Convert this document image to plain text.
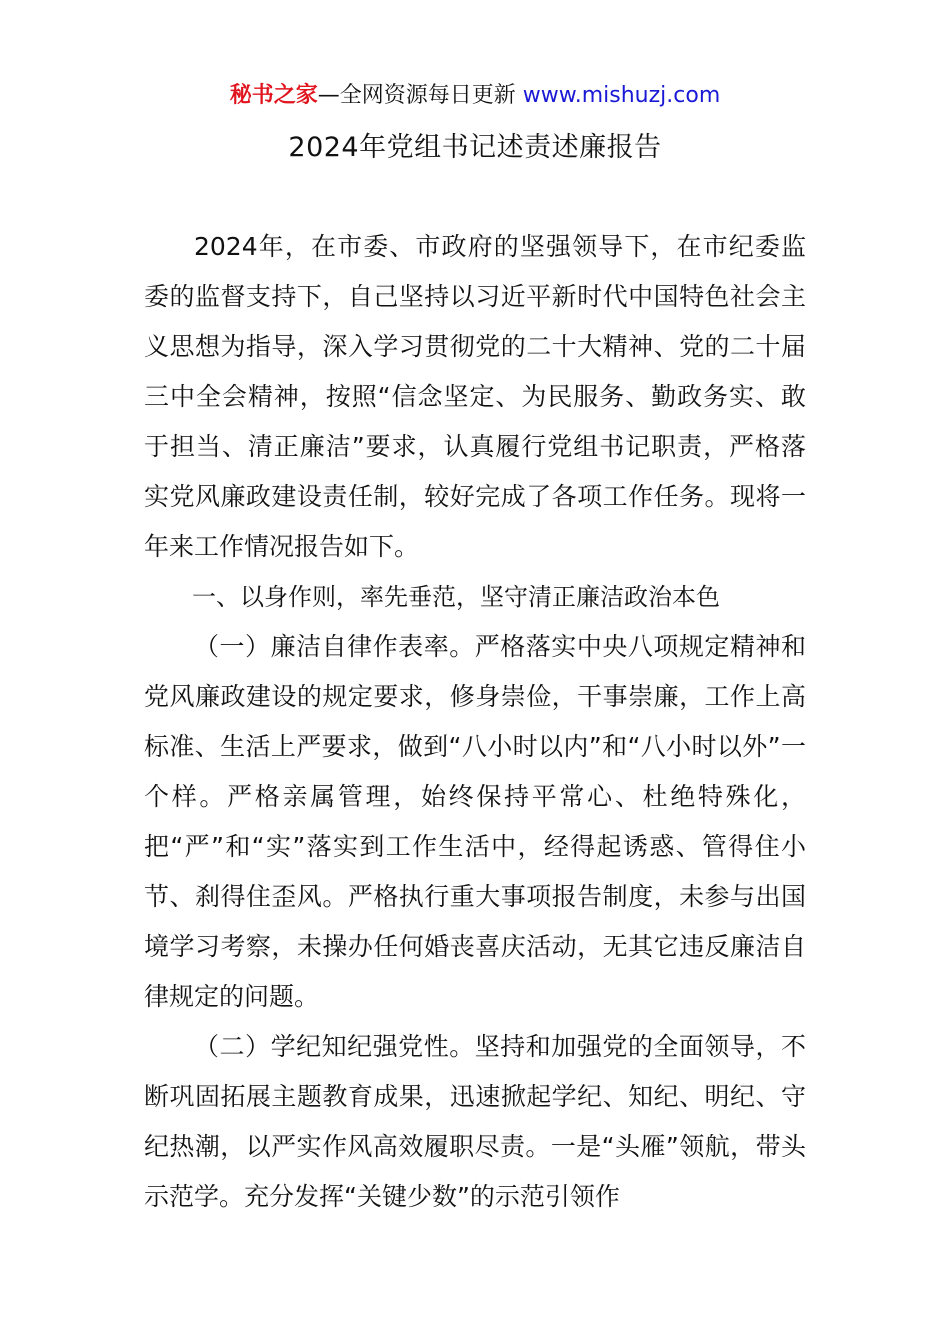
秘书之家—全网资源每日更新 www.mishuzj.com
2024年党组书记述责述廉报告

2024年，在市委、市政府的坚强领导下，在市纪委监委的监督支持下，自己坚持以习近平新时代中国特色社会主义思想为指导，深入学习贯彻党的二十大精神、党的二十届三中全会精神，按照“信念坚定、为民服务、勤政务实、敢于担当、清正廉洁”要求，认真履行党组书记职责，严格落实党风廉政建设责任制，较好完成了各项工作任务。现将一年来工作情况报告如下。

一、以身作则，率先垂范，坚守清正廉洁政治本色

（一）廉洁自律作表率。严格落实中央八项规定精神和党风廉政建设的规定要求，修身崇俭，干事崇廉，工作上高标准、生活上严要求，做到“八小时以内”和“八小时以外”一个样。严格亲属管理，始终保持平常心、杜绝特殊化，把“严”和“实”落实到工作生活中，经得起诱惑、管得住小节、刹得住歪风。严格执行重大事项报告制度，未参与出国境学习考察，未操办任何婚丧喜庆活动，无其它违反廉洁自律规定的问题。

（二）学纪知纪强党性。坚持和加强党的全面领导，不断巩固拓展主题教育成果，迅速掀起学纪、知纪、明纪、守纪热潮，以严实作风高效履职尽责。一是“头雁”领航，带头示范学。充分发挥“关键少数”的示范引领作
